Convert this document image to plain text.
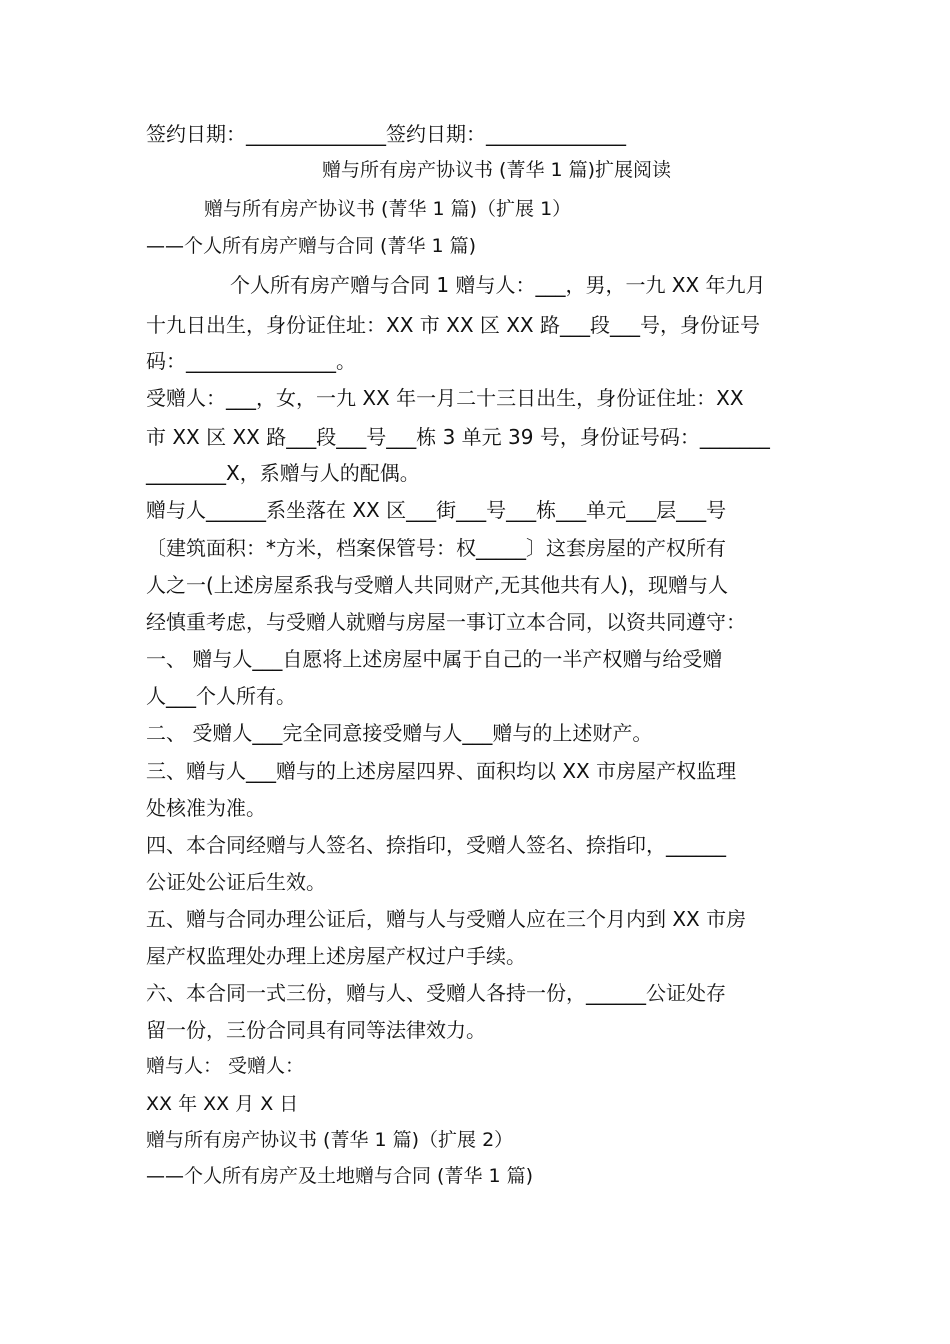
签约日期：______________签约日期：______________
赠与所有房产协议书 (菁华 1 篇)扩展阅读
赠与所有房产协议书 (菁华 1 篇)（扩展 1）
——个人所有房产赠与合同 (菁华 1 篇)
个人所有房产赠与合同 1 赠与人：___，男，一九 XX 年九月
十九日出生，身份证住址：XX 市 XX 区 XX 路___段___号，身份证号
码：_______________。
受赠人：___，女，一九 XX 年一月二十三日出生，身份证住址：XX
市 XX 区 XX 路___段___号___栋 3 单元 39 号，身份证号码：_______
________X，系赠与人的配偶。
赠与人______系坐落在 XX 区___街___号___栋___单元___层___号
〔建筑面积：*方米，档案保管号：权_____〕这套房屋的产权所有
人之一(上述房屋系我与受赠人共同财产,无其他共有人)，现赠与人
经慎重考虑，与受赠人就赠与房屋一事订立本合同，以资共同遵守：
一、 赠与人___自愿将上述房屋中属于自己的一半产权赠与给受赠
人___个人所有。
二、 受赠人___完全同意接受赠与人___赠与的上述财产。
三、赠与人___赠与的上述房屋四界、面积均以 XX 市房屋产权监理
处核准为准。
四、本合同经赠与人签名、捺指印，受赠人签名、捺指印，______
公证处公证后生效。
五、赠与合同办理公证后，赠与人与受赠人应在三个月内到 XX 市房
屋产权监理处办理上述房屋产权过户手续。
六、本合同一式三份，赠与人、受赠人各持一份，______公证处存
留一份，三份合同具有同等法律效力。
赠与人： 受赠人：
XX 年 XX 月 X 日
赠与所有房产协议书 (菁华 1 篇)（扩展 2）
——个人所有房产及土地赠与合同 (菁华 1 篇)
